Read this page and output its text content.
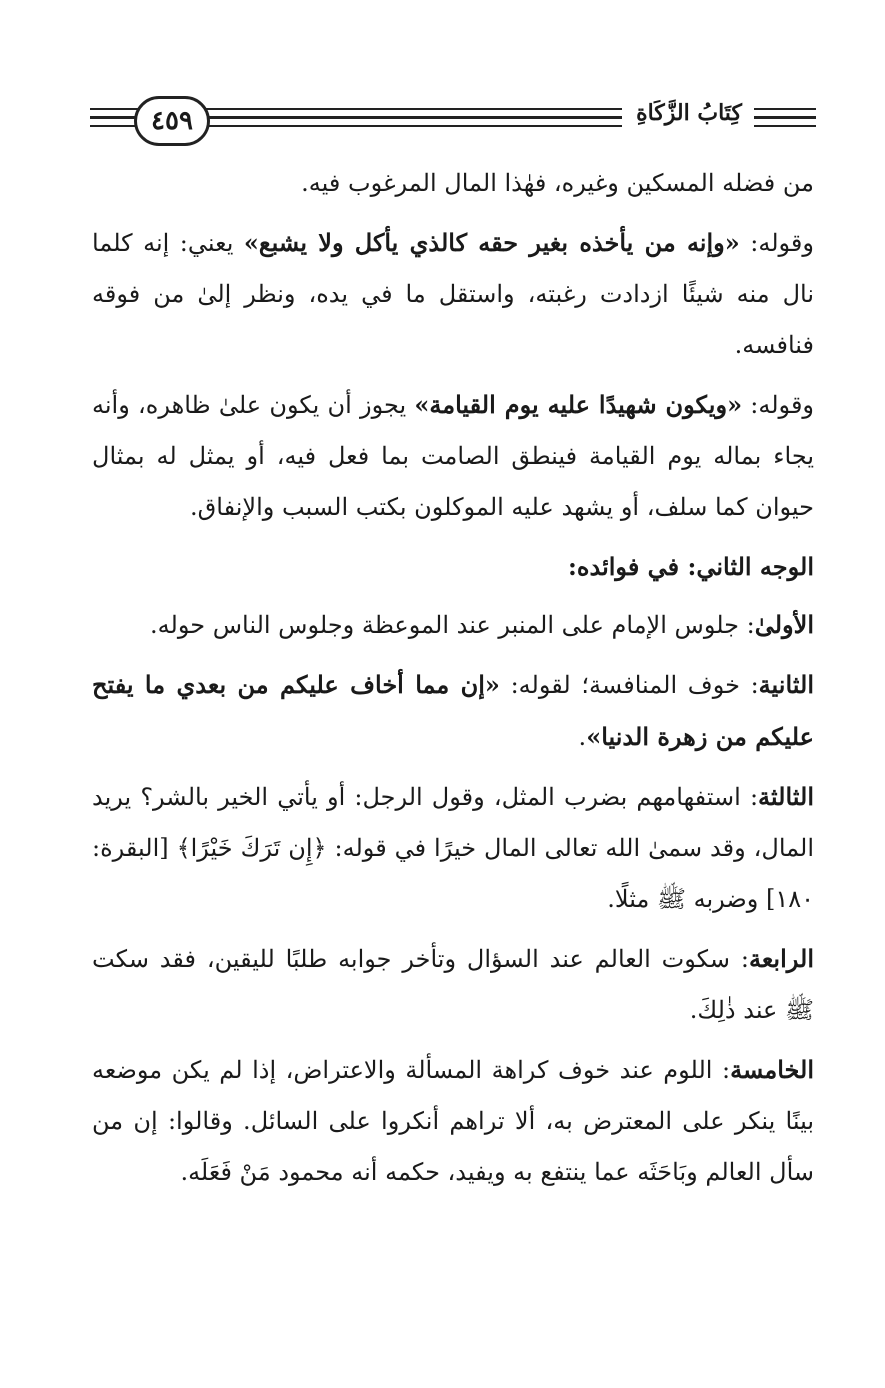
٤٥٩	كِتَابُ الزَّكَاةِ

من فضله المسكين وغيره، فهٰذا المال المرغوب فيه.

وقوله: «وإنه من يأخذه بغير حقه كالذي يأكل ولا يشبع» يعني: إنه كلما نال منه شيئًا ازدادت رغبته، واستقل ما في يده، ونظر إلىٰ من فوقه فنافسه.

وقوله: «ويكون شهيدًا عليه يوم القيامة» يجوز أن يكون علىٰ ظاهره، وأنه يجاء بماله يوم القيامة فينطق الصامت بما فعل فيه، أو يمثل له بمثال حيوان كما سلف، أو يشهد عليه الموكلون بكتب السبب والإنفاق.

الوجه الثاني: في فوائده:

الأولىٰ: جلوس الإمام على المنبر عند الموعظة وجلوس الناس حوله.

الثانية: خوف المنافسة؛ لقوله: «إن مما أخاف عليكم من بعدي ما يفتح عليكم من زهرة الدنيا».

الثالثة: استفهامهم بضرب المثل، وقول الرجل: أو يأتي الخير بالشر؟ يريد المال، وقد سمىٰ الله تعالى المال خيرًا في قوله: ﴿إِن تَرَكَ خَيْرًا﴾ [البقرة: ١٨٠] وضربه ﷺ مثلًا.

الرابعة: سكوت العالم عند السؤال وتأخر جوابه طلبًا لليقين، فقد سكت ﷺ عند ذٰلِكَ.

الخامسة: اللوم عند خوف كراهة المسألة والاعتراض، إذا لم يكن موضعه بينًا ينكر على المعترض به، ألا تراهم أنكروا على السائل. وقالوا: إن من سأل العالم وبَاحَثَه عما ينتفع به ويفيد، حكمه أنه محمود مَنْ فَعَلَه.
